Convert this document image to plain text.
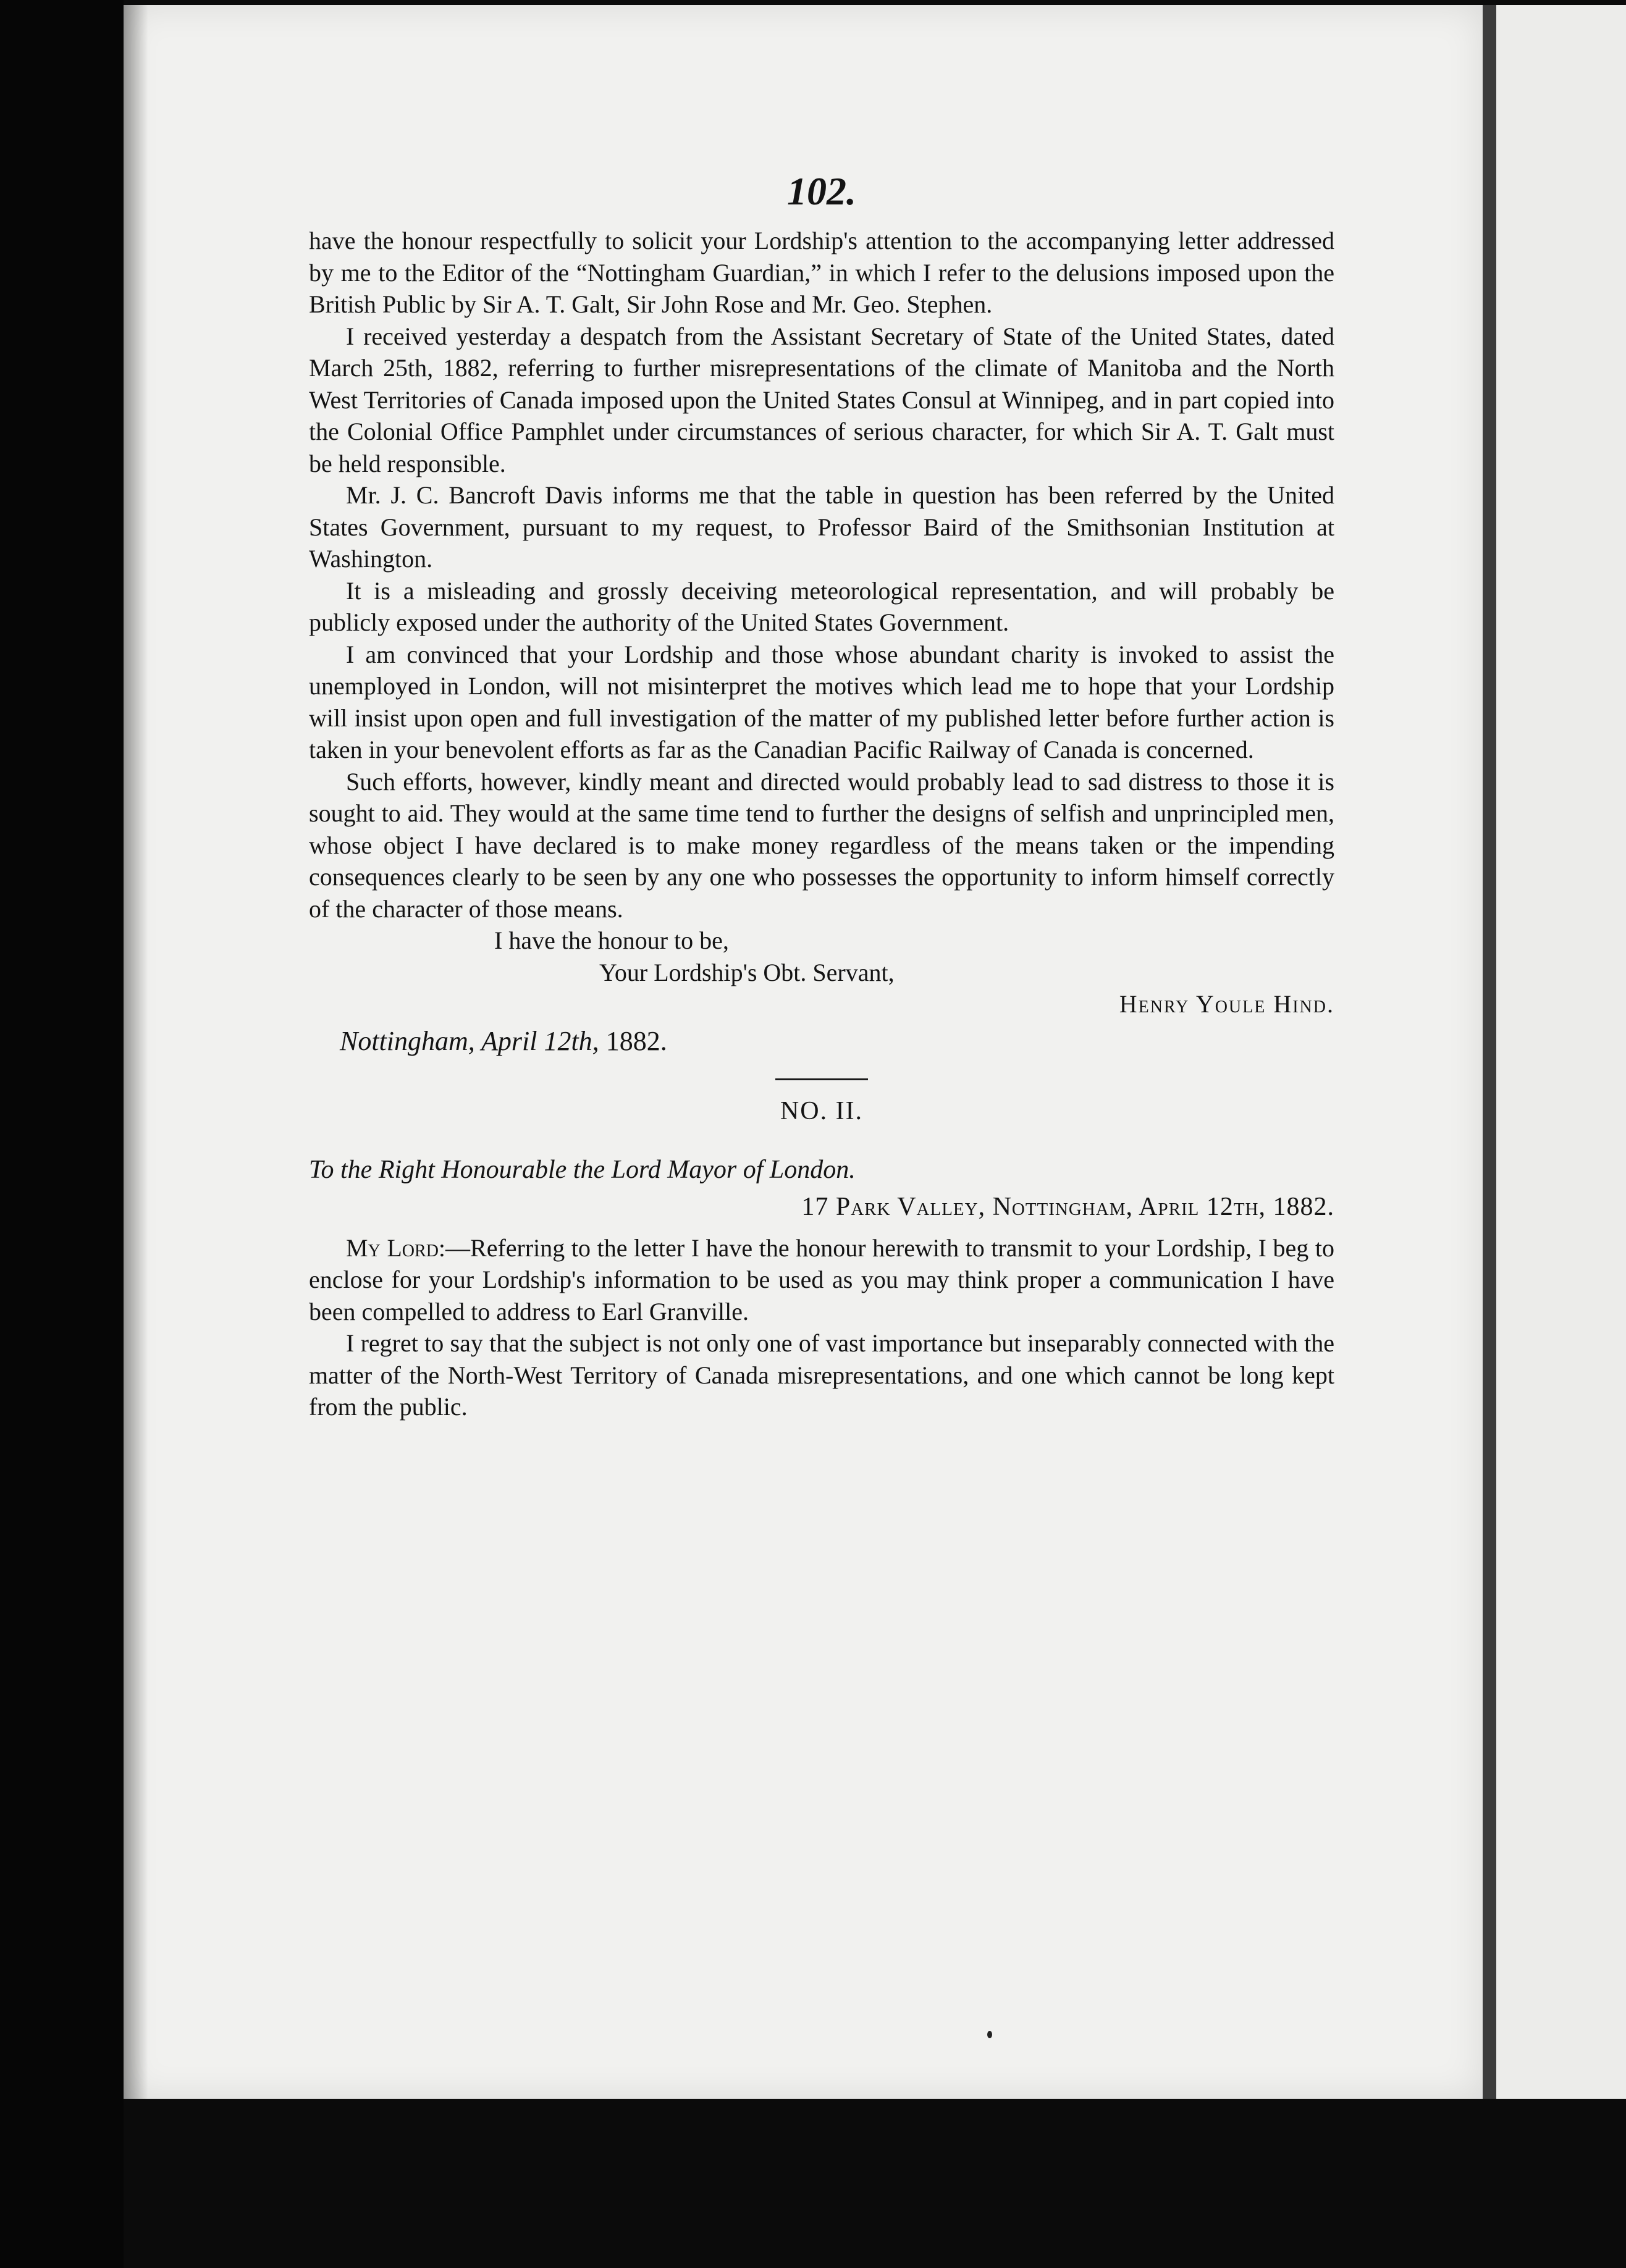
102.

have the honour respectfully to solicit your Lordship's attention to the accompanying letter addressed by me to the Editor of the “Nottingham Guardian,” in which I refer to the delusions imposed upon the British Public by Sir A. T. Galt, Sir John Rose and Mr. Geo. Stephen.

I received yesterday a despatch from the Assistant Secretary of State of the United States, dated March 25th, 1882, referring to further misrepresentations of the climate of Manitoba and the North West Territories of Canada imposed upon the United States Consul at Winnipeg, and in part copied into the Colonial Office Pamphlet under circumstances of serious character, for which Sir A. T. Galt must be held responsible.

Mr. J. C. Bancroft Davis informs me that the table in question has been referred by the United States Government, pursuant to my request, to Professor Baird of the Smithsonian Institution at Washington.

It is a misleading and grossly deceiving meteorological representation, and will probably be publicly exposed under the authority of the United States Government.

I am convinced that your Lordship and those whose abundant charity is invoked to assist the unemployed in London, will not misinterpret the motives which lead me to hope that your Lordship will insist upon open and full investigation of the matter of my published letter before further action is taken in your benevolent efforts as far as the Canadian Pacific Railway of Canada is concerned.

Such efforts, however, kindly meant and directed would probably lead to sad distress to those it is sought to aid. They would at the same time tend to further the designs of selfish and unprincipled men, whose object I have declared is to make money regardless of the means taken or the impending consequences clearly to be seen by any one who possesses the opportunity to inform himself correctly of the character of those means.

I have the honour to be,

Your Lordship's Obt. Servant,

Henry Youle Hind.

Nottingham, April 12th, 1882.

NO. II.

To the Right Honourable the Lord Mayor of London.

17 Park Valley, Nottingham, April 12th, 1882.

My Lord:—Referring to the letter I have the honour herewith to transmit to your Lordship, I beg to enclose for your Lordship's information to be used as you may think proper a communication I have been compelled to address to Earl Granville.

I regret to say that the subject is not only one of vast importance but inseparably connected with the matter of the North-West Territory of Canada misrepresentations, and one which cannot be long kept from the public.
